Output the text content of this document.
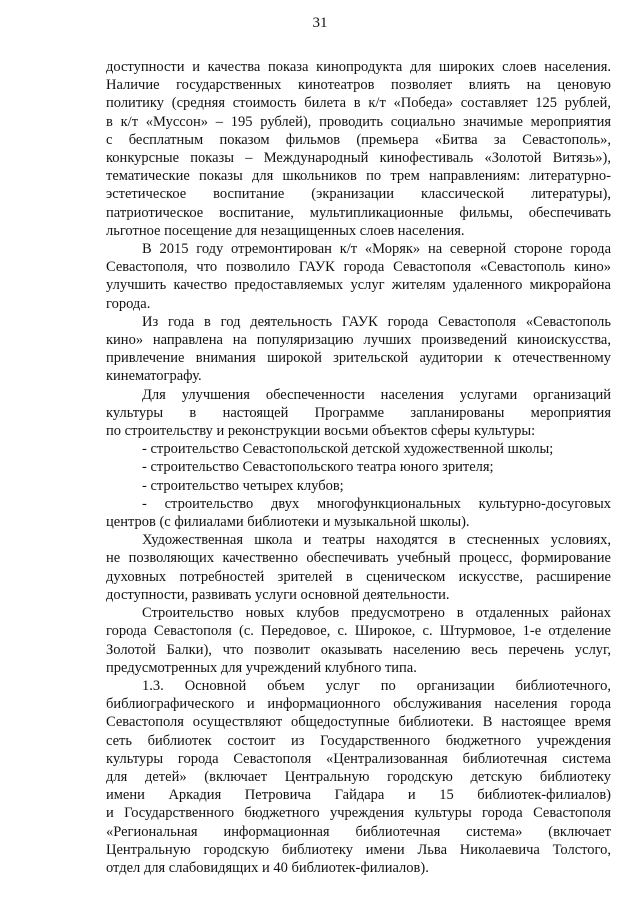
31
доступности и качества показа кинопродукта для широких слоев населения.
Наличие государственных кинотеатров позволяет влиять на ценовую
политику (средняя стоимость билета в к/т «Победа» составляет 125 рублей,
в к/т «Муссон» – 195 рублей), проводить социально значимые мероприятия
с бесплатным показом фильмов (премьера «Битва за Севастополь»,
конкурсные показы – Международный кинофестиваль «Золотой Витязь»),
тематические показы для школьников по трем направлениям: литературно-
эстетическое воспитание (экранизации классической литературы),
патриотическое воспитание, мультипликационные фильмы, обеспечивать
льготное посещение для незащищенных слоев населения.
В 2015 году отремонтирован к/т «Моряк» на северной стороне города
Севастополя, что позволило ГАУК города Севастополя «Севастополь кино»
улучшить качество предоставляемых услуг жителям удаленного микрорайона
города.
Из года в год деятельность ГАУК города Севастополя «Севастополь
кино» направлена на популяризацию лучших произведений киноискусства,
привлечение внимания широкой зрительской аудитории к отечественному
кинематографу.
Для улучшения обеспеченности населения услугами организаций
культуры в настоящей Программе запланированы мероприятия
по строительству и реконструкции восьми объектов сферы культуры:
- строительство Севастопольской детской художественной школы;
- строительство Севастопольского театра юного зрителя;
- строительство четырех клубов;
- строительство двух многофункциональных культурно-досуговых
центров (с филиалами библиотеки и музыкальной школы).
Художественная школа и театры находятся в стесненных условиях,
не позволяющих качественно обеспечивать учебный процесс, формирование
духовных потребностей зрителей в сценическом искусстве, расширение
доступности, развивать услуги основной деятельности.
Строительство новых клубов предусмотрено в отдаленных районах
города Севастополя (с. Передовое, с. Широкое, с. Штурмовое, 1-е отделение
Золотой Балки), что позволит оказывать населению весь перечень услуг,
предусмотренных для учреждений клубного типа.
1.3. Основной объем услуг по организации библиотечного,
библиографического и информационного обслуживания населения города
Севастополя осуществляют общедоступные библиотеки. В настоящее время
сеть библиотек состоит из Государственного бюджетного учреждения
культуры города Севастополя «Централизованная библиотечная система
для детей» (включает Центральную городскую детскую библиотеку
имени Аркадия Петровича Гайдара и 15 библиотек-филиалов)
и Государственного бюджетного учреждения культуры города Севастополя
«Региональная информационная библиотечная система» (включает
Центральную городскую библиотеку имени Льва Николаевича Толстого,
отдел для слабовидящих и 40 библиотек-филиалов).
